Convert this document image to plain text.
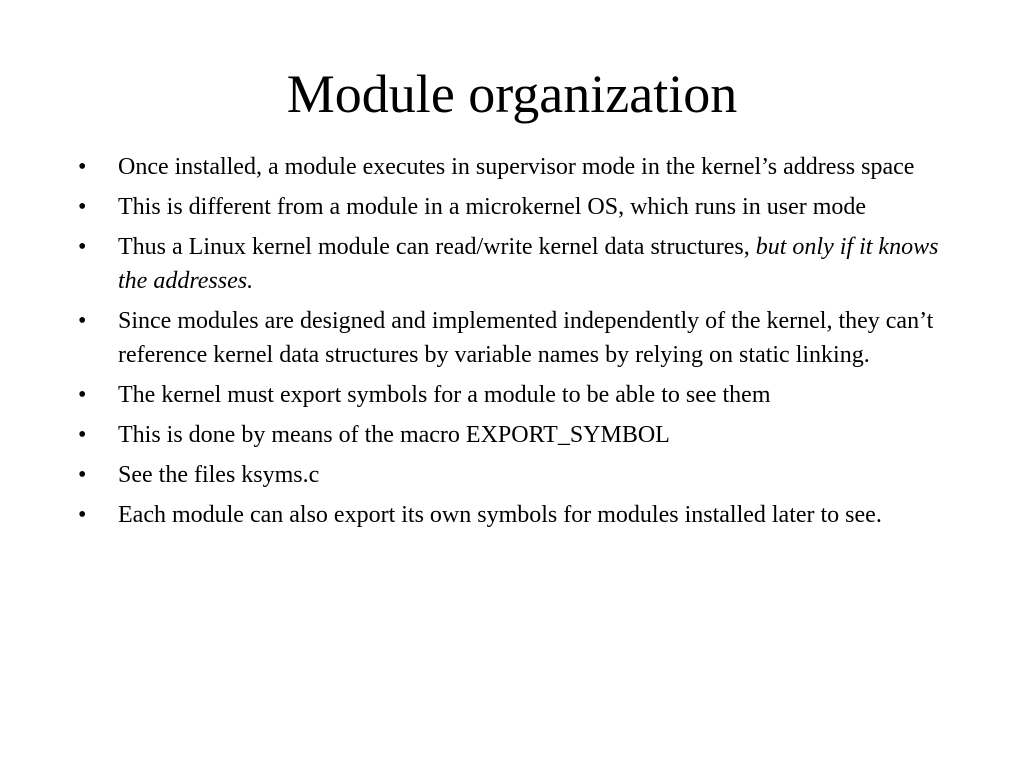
Module organization
•	Once installed, a module executes in supervisor mode in the kernel’s address space
•	This is different from a module in a microkernel OS, which runs in user mode
•	Thus a Linux kernel module can read/write kernel data structures, but only if it knows the addresses.
•	Since modules are designed and implemented independently of the kernel, they can’t reference kernel data structures by variable names by relying on static linking.
•	The kernel must export symbols for a module to be able to see them
•	This is done by means of the macro EXPORT_SYMBOL
•	See the files ksyms.c
•	Each module can also export its own symbols for modules installed later to see.
